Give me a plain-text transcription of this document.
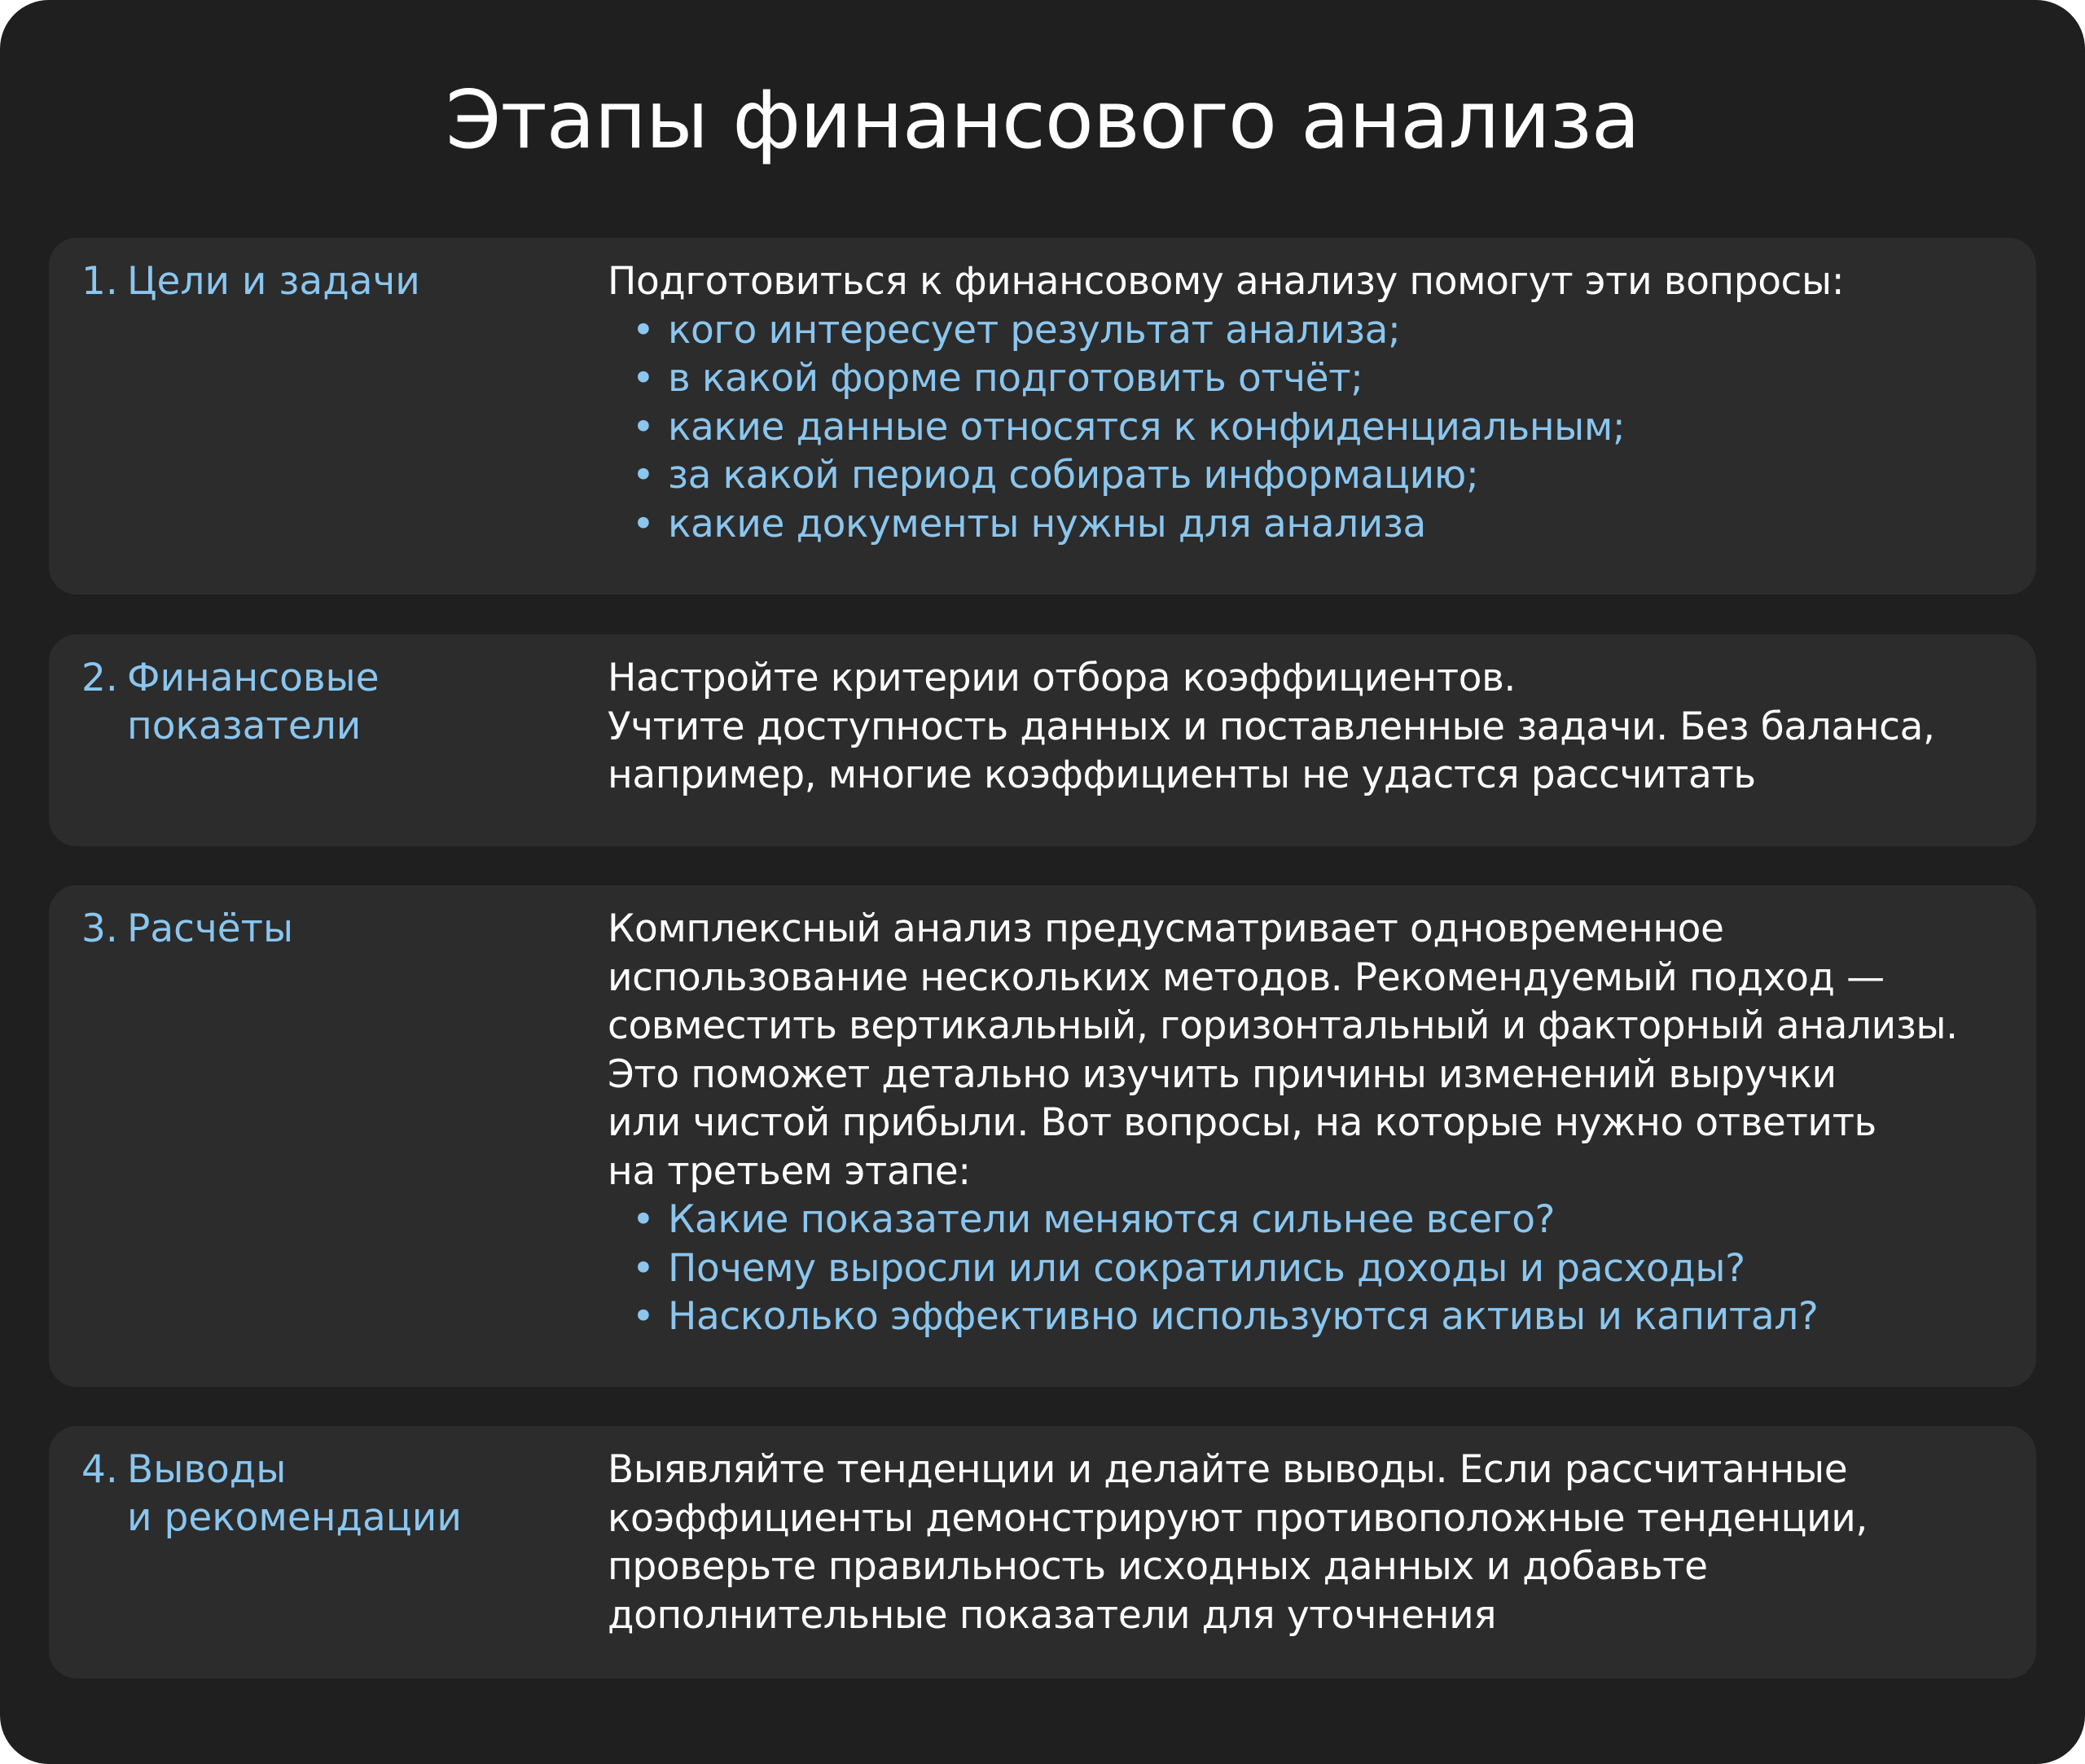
Этапы финансового анализа
1. Цели и задачи	Подготовиться к финансовому анализу помогут эти вопросы:
• кого интересует результат анализа;
• в какой форме подготовить отчёт;
• какие данные относятся к конфиденциальным;
• за какой период собирать информацию;
• какие документы нужны для анализа
2. Финансовые
показатели
Настройте критерии отбора коэффициентов.
Учтите доступность данных и поставленные задачи. Без баланса,
например, многие коэффициенты не удастся рассчитать
3. Расчёты	Комплексный анализ предусматривает одновременное
использование нескольких методов. Рекомендуемый подход —
совместить вертикальный, горизонтальный и факторный анализы.
Это поможет детально изучить причины изменений выручки
или чистой прибыли. Вот вопросы, на которые нужно ответить
на третьем этапе:
• Какие показатели меняются сильнее всего?
• Почему выросли или сократились доходы и расходы?
• Насколько эффективно используются активы и капитал?
4. Выводы
и рекомендации
Выявляйте тенденции и делайте выводы. Если рассчитанные
коэффициенты демонстрируют противоположные тенденции,
проверьте правильность исходных данных и добавьте
дополнительные показатели для уточнения
